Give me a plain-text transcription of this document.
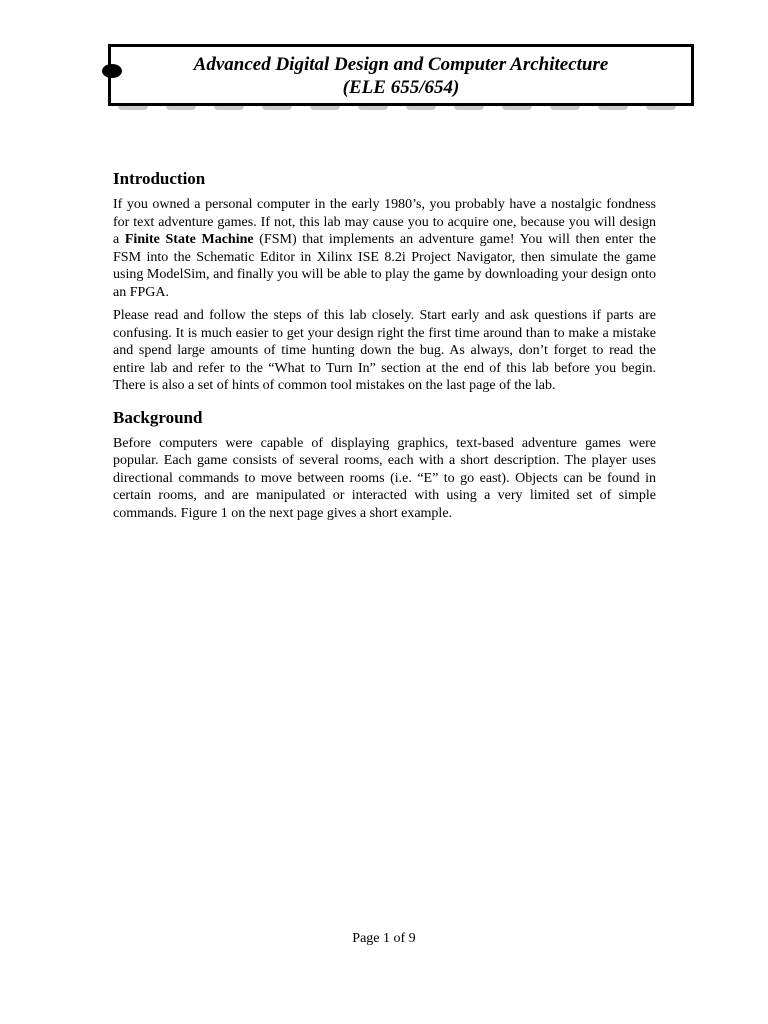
Advanced Digital Design and Computer Architecture
(ELE 655/654)
Introduction

If you owned a personal computer in the early 1980’s, you probably have a nostalgic fondness for text adventure games. If not, this lab may cause you to acquire one, because you will design a Finite State Machine (FSM) that implements an adventure game! You will then enter the FSM into the Schematic Editor in Xilinx ISE 8.2i Project Navigator, then simulate the game using ModelSim, and finally you will be able to play the game by downloading your design onto an FPGA.

Please read and follow the steps of this lab closely. Start early and ask questions if parts are confusing. It is much easier to get your design right the first time around than to make a mistake and spend large amounts of time hunting down the bug. As always, don’t forget to read the entire lab and refer to the “What to Turn In” section at the end of this lab before you begin. There is also a set of hints of common tool mistakes on the last page of the lab.

Background

Before computers were capable of displaying graphics, text-based adventure games were popular. Each game consists of several rooms, each with a short description. The player uses directional commands to move between rooms (i.e. “E” to go east). Objects can be found in certain rooms, and are manipulated or interacted with using a very limited set of simple commands. Figure 1 on the next page gives a short example.

Page 1 of 9
